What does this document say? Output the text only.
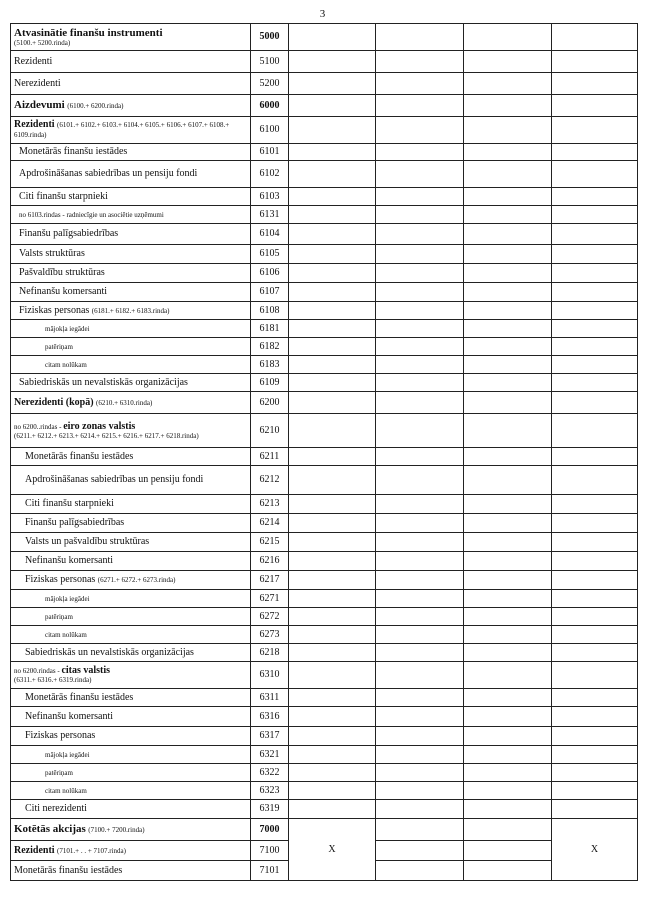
3
Atvasinātie finanšu instrumenti
(5100.+ 5200.rinda)	5000				
Rezidenti	5100				
Nerezidenti	5200				
Aizdevumi (6100.+ 6200.rinda)	6000				
Rezidenti (6101.+ 6102.+ 6103.+ 6104.+ 6105.+ 6106.+ 6107.+ 6108.+ 6109.rinda)	6100				
Monetārās finanšu iestādes	6101				
Apdrošināšanas sabiedrības un pensiju fondi	6102				
Citi finanšu starpnieki	6103				
no 6103.rindas - radniecīgie un asociētie uzņēmumi	6131				
Finanšu palīgsabiedrības	6104				
Valsts struktūras	6105				
Pašvaldību struktūras	6106				
Nefinanšu komersanti	6107				
Fiziskas personas (6181.+ 6182.+ 6183.rinda)	6108				
mājokļa iegādei	6181				
patēriņam	6182				
citam nolūkam	6183				
Sabiedriskās un nevalstiskās organizācijas	6109				
Nerezidenti (kopā) (6210.+ 6310.rinda)	6200				
no 6200..rindas - eiro zonas valstis
(6211.+ 6212.+ 6213.+ 6214.+ 6215.+ 6216.+ 6217.+ 6218.rinda)	6210				
Monetārās finanšu iestādes	6211				
Apdrošināšanas sabiedrības un pensiju fondi	6212				
Citi finanšu starpnieki	6213				
Finanšu palīgsabiedrības	6214				
Valsts un pašvaldību struktūras	6215				
Nefinanšu komersanti	6216				
Fiziskas personas (6271.+ 6272.+ 6273.rinda)	6217				
mājokļa iegādei	6271				
patēriņam	6272				
citam nolūkam	6273				
Sabiedriskās un nevalstiskās organizācijas	6218				
no 6200.rindas - citas valstis
(6311.+ 6316.+ 6319.rinda)	6310				
Monetārās finanšu iestādes	6311				
Nefinanšu komersanti	6316				
Fiziskas personas	6317				
mājokļa iegādei	6321				
patēriņam	6322				
citam nolūkam	6323				
Citi nerezidenti	6319				
Kotētās akcijas (7100.+ 7200.rinda)	7000	X			X
Rezidenti (7101.+ . . + 7107.rinda)	7100				
Monetārās finanšu iestādes	7101				
